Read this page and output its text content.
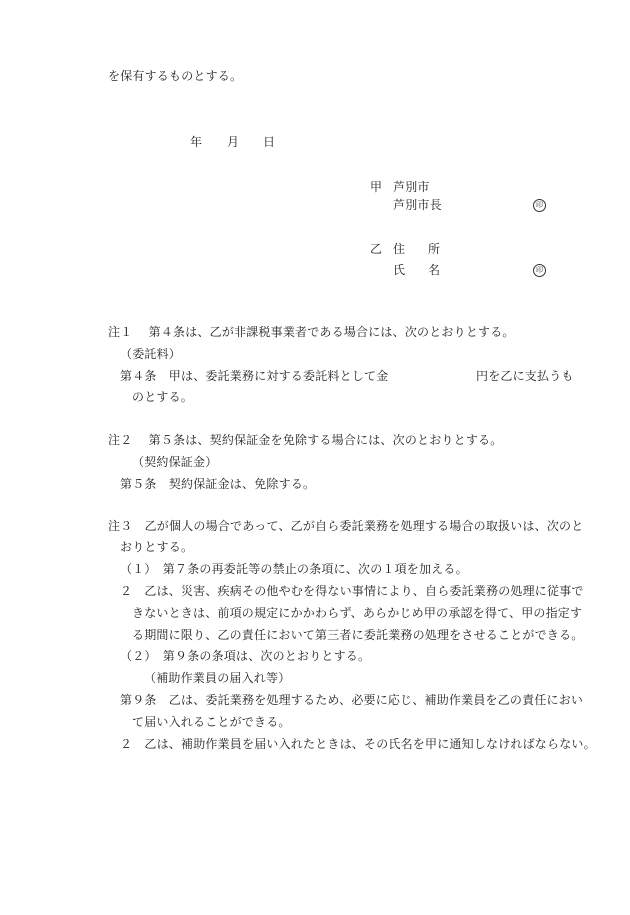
を保有するものとする。
年 月 日
甲 芦別市
芦別市長	印
乙 住 所
氏 名	印
注１　 第４条は、乙が非課税事業者である場合には、次のとおりとする。
（委託料）
第４条　甲は、委託業務に対する委託料として金	円を乙に支払うも
のとする。
注２　 第５条は、契約保証金を免除する場合には、次のとおりとする。
（契約保証金）
第５条　契約保証金は、免除する。
注３　乙が個人の場合であって、乙が自ら委託業務を処理する場合の取扱いは、次のと
おりとする。
（１）　第７条の再委託等の禁止の条項に、次の１項を加える。
２　乙は、災害、疾病その他やむを得ない事情により、自ら委託業務の処理に従事で
きないときは、前項の規定にかかわらず、あらかじめ甲の承認を得て、甲の指定す
る期間に限り、乙の責任において第三者に委託業務の処理をさせることができる。
（２）　第９条の条項は、次のとおりとする。
（補助作業員の届入れ等）
第９条　乙は、委託業務を処理するため、必要に応じ、補助作業員を乙の責任におい
て届い入れることができる。
２　乙は、補助作業員を届い入れたときは、その氏名を甲に通知しなければならない。
